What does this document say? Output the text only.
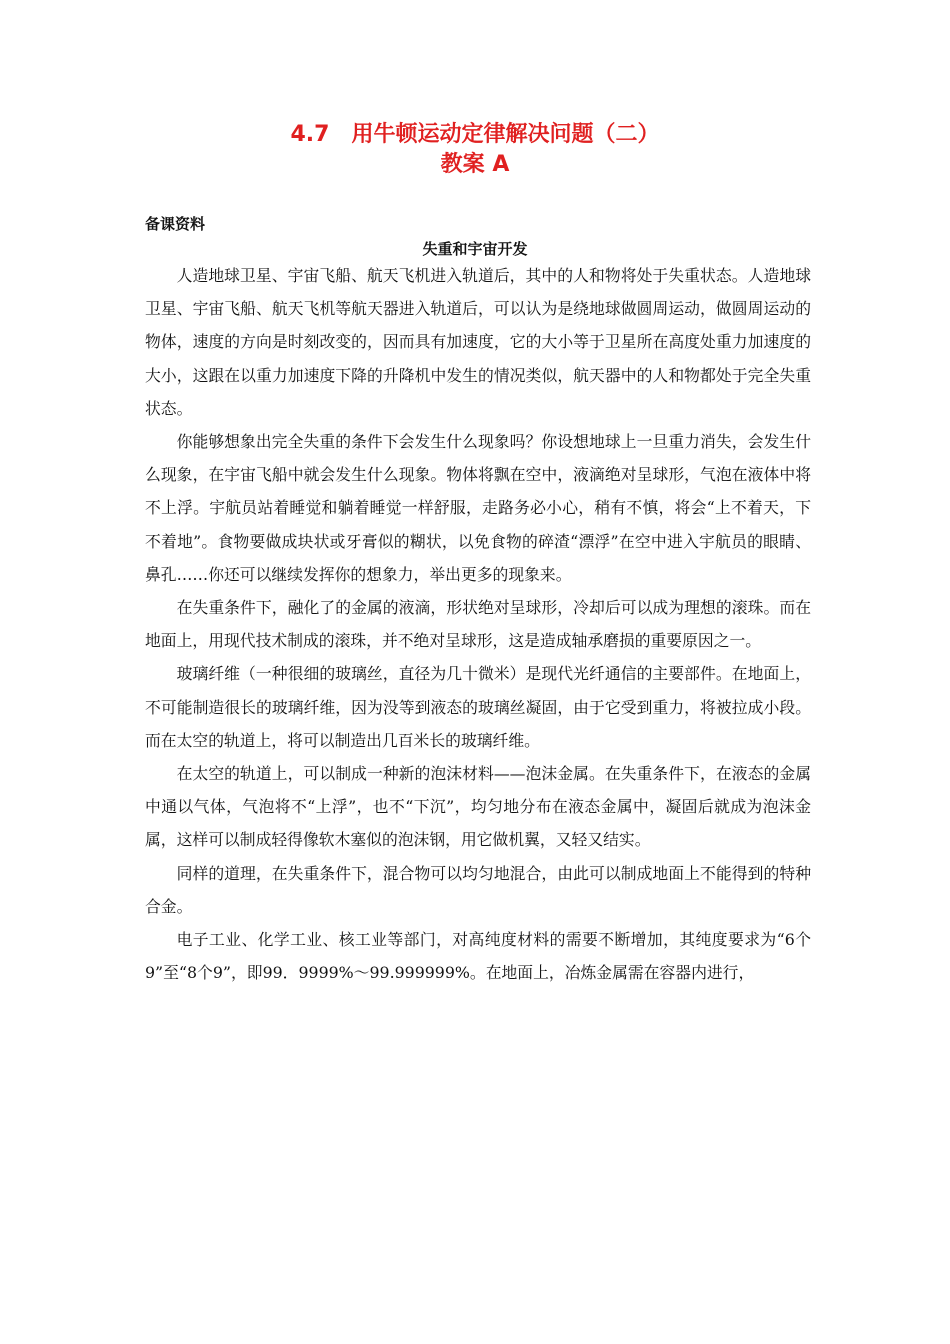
4.7　用牛顿运动定律解决问题（二）
教案 A
备课资料
失重和宇宙开发

人造地球卫星、宇宙飞船、航天飞机进入轨道后，其中的人和物将处于失重状态。人造地球卫星、宇宙飞船、航天飞机等航天器进入轨道后，可以认为是绕地球做圆周运动，做圆周运动的物体，速度的方向是时刻改变的，因而具有加速度，它的大小等于卫星所在高度处重力加速度的大小，这跟在以重力加速度下降的升降机中发生的情况类似，航天器中的人和物都处于完全失重状态。

你能够想象出完全失重的条件下会发生什么现象吗？你设想地球上一旦重力消失，会发生什么现象，在宇宙飞船中就会发生什么现象。物体将飘在空中，液滴绝对呈球形，气泡在液体中将不上浮。宇航员站着睡觉和躺着睡觉一样舒服，走路务必小心，稍有不慎，将会“上不着天，下不着地”。食物要做成块状或牙膏似的糊状，以免食物的碎渣“漂浮”在空中进入宇航员的眼睛、鼻孔……你还可以继续发挥你的想象力，举出更多的现象来。

在失重条件下，融化了的金属的液滴，形状绝对呈球形，冷却后可以成为理想的滚珠。而在地面上，用现代技术制成的滚珠，并不绝对呈球形，这是造成轴承磨损的重要原因之一。

玻璃纤维（一种很细的玻璃丝，直径为几十微米）是现代光纤通信的主要部件。在地面上，不可能制造很长的玻璃纤维，因为没等到液态的玻璃丝凝固，由于它受到重力，将被拉成小段。而在太空的轨道上，将可以制造出几百米长的玻璃纤维。

在太空的轨道上，可以制成一种新的泡沫材料——泡沫金属。在失重条件下，在液态的金属中通以气体，气泡将不“上浮”，也不“下沉”，均匀地分布在液态金属中，凝固后就成为泡沫金属，这样可以制成轻得像软木塞似的泡沫钢，用它做机翼，又轻又结实。

同样的道理，在失重条件下，混合物可以均匀地混合，由此可以制成地面上不能得到的特种合金。

电子工业、化学工业、核工业等部门，对高纯度材料的需要不断增加，其纯度要求为“6个9”至“8个9”，即99．9999%～99.999999%。在地面上，冶炼金属需在容器内进行，
